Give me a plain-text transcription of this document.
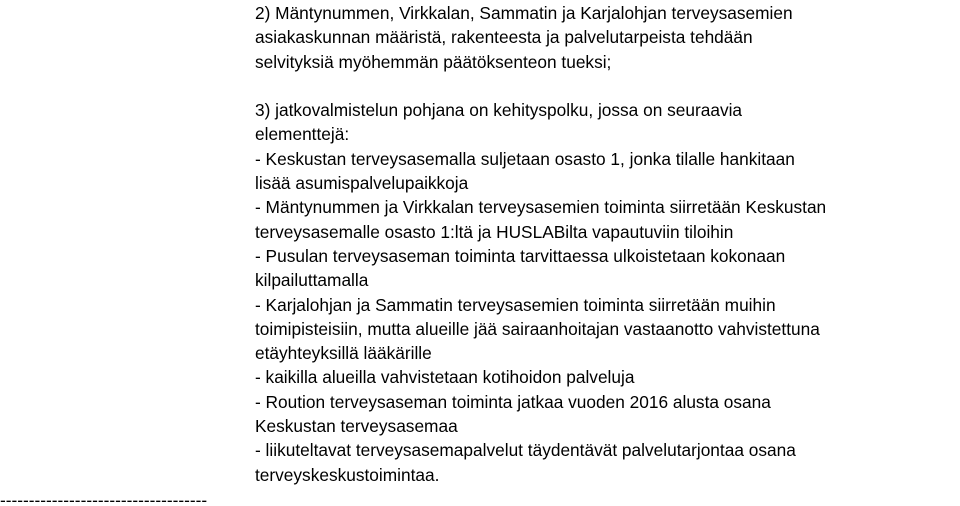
2) Mäntynummen, Virkkalan, Sammatin ja Karjalohjan terveysasemien
asiakaskunnan määristä, rakenteesta ja palvelutarpeista tehdään
selvityksiä myöhemmän päätöksenteon tueksi;
3) jatkovalmistelun pohjana on kehityspolku, jossa on seuraavia
elementtejä:
- Keskustan terveysasemalla suljetaan osasto 1, jonka tilalle hankitaan
lisää asumispalvelupaikkoja
- Mäntynummen ja Virkkalan terveysasemien toiminta siirretään Keskustan
terveysasemalle osasto 1:ltä ja HUSLABilta vapautuviin tiloihin
- Pusulan terveysaseman toiminta tarvittaessa ulkoistetaan kokonaan
kilpailuttamalla
- Karjalohjan ja Sammatin terveysasemien toiminta siirretään muihin
toimipisteisiin, mutta alueille jää sairaanhoitajan vastaanotto vahvistettuna
etäyhteyksillä lääkärille
- kaikilla alueilla vahvistetaan kotihoidon palveluja
- Roution terveysaseman toiminta jatkaa vuoden 2016 alusta osana
Keskustan terveysasemaa
- liikuteltavat terveysasemapalvelut täydentävät palvelutarjontaa osana
terveyskeskustoimintaa.
------------------------------------
